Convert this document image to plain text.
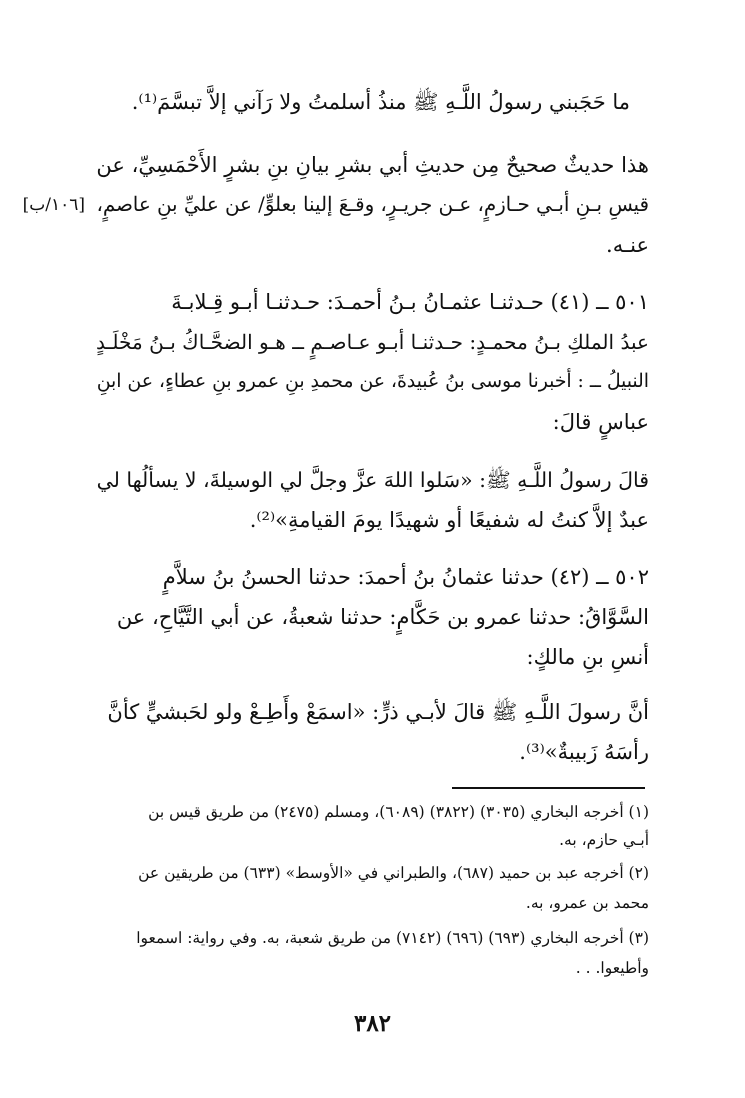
ما حَجَبني رسولُ اللَّـهِ ﷺ منذُ أسلمتُ ولا رَآني إلاَّ تبسَّمَ⁽¹⁾.
هذا حديثٌ صحيحٌ مِن حديثِ أبي بشرِ بيانِ بنِ بشرٍ الأَحْمَسِيِّ، عن
[١٠٦/ب] قيسِ بـنِ أبـي حـازمٍ، عـن جريـرٍ، وقـعَ إلينا بعلوٍّ/ عن عليِّ بنِ عاصمٍ،
عنـه.
٥٠١ ــ (٤١) حـدثنـا عثمـانُ بـنُ أحمـدَ: حـدثنـا أبـو قِـلابـةَ
عبدُ الملكِ بـنُ محمـدٍ: حـدثنـا أبـو عـاصـمٍ ــ هـو الضحَّـاكُ بـنُ مَخْلَـدٍ
النبيلُ ــ : أخبرنا موسى بنُ عُبيدةَ، عن محمدِ بنِ عمرو بنِ عطاءٍ، عن ابنِ
عباسٍ قالَ:
قالَ رسولُ اللَّـهِ ﷺ: «سَلوا اللهَ عزَّ وجلَّ لي الوسيلةَ، لا يسألُها لي
عبدٌ إلاَّ كنتُ له شفيعًا أو شهيدًا يومَ القيامةِ»⁽²⁾.
٥٠٢ ــ (٤٢) حدثنا عثمانُ بنُ أحمدَ: حدثنا الحسنُ بنُ سلاَّمٍ
السَّوَّاقُ: حدثنا عمرو بن حَكَّامٍ: حدثنا شعبةُ، عن أبي التَّيَّاحِ، عن
أنسِ بنِ مالكٍ:
أنَّ رسولَ اللَّـهِ ﷺ قالَ لأبـي ذرٍّ: «اسمَعْ وأَطِـعْ ولو لحَبشيٍّ كأنَّ
رأسَهُ زَبيبةٌ»⁽³⁾.
(١) أخرجه البخاري (٣٠٣٥) (٣٨٢٢) (٦٠٨٩)، ومسلم (٢٤٧٥) من طريق قيس بن
أبـي حازم، به.
(٢) أخرجه عبد بن حميد (٦٨٧)، والطبراني في «الأوسط» (٦٣٣) من طريقين عن
محمد بن عمرو، به.
(٣) أخرجه البخاري (٦٩٣) (٦٩٦) (٧١٤٢) من طريق شعبة، به. وفي رواية: اسمعوا
وأطيعوا. . .
٣٨٢
